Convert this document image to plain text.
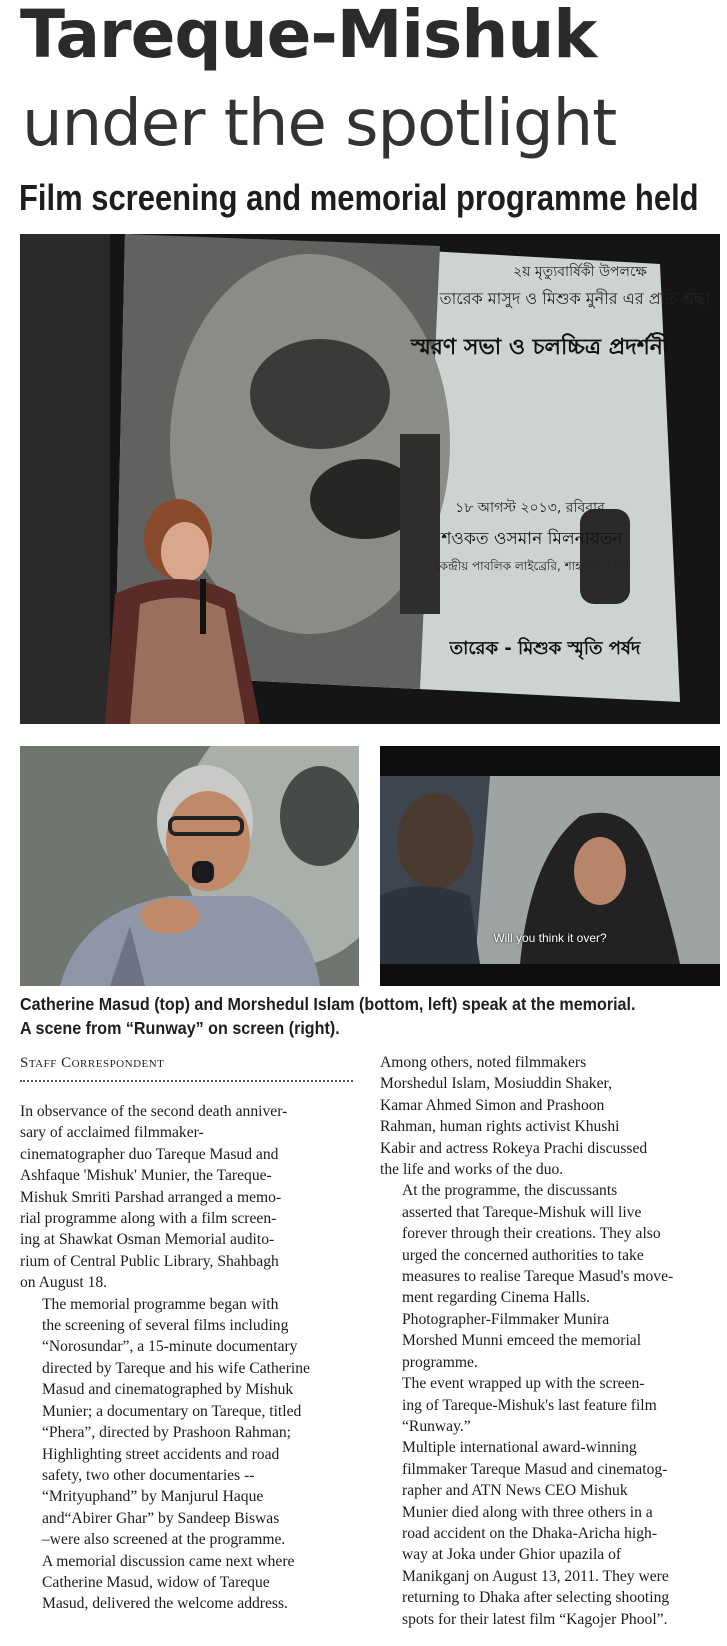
Tareque-Mishuk
under the spotlight
Film screening and memorial programme held
২য় মৃত্যুবার্ষিকী উপলক্ষে
তারেক মাসুদ ও মিশুক মুনীর এর প্রতি শ্রদ্ধা
স্মরণ সভা ও চলচ্চিত্র প্রদর্শনী
১৮ আগস্ট ২০১৩, রবিবার
শওকত ওসমান মিলনায়তন
কেন্দ্রীয় পাবলিক লাইব্রেরি, শাহবাগ, ঢাকা
তারেক - মিশুক স্মৃতি পর্ষদ
Will you think it over?
Catherine Masud (top) and Morshedul Islam (bottom, left) speak at the memorial.
A scene from “Runway” on screen (right).
Staff Correspondent

In observance of the second death anniver-
sary of acclaimed filmmaker-
cinematographer duo Tareque Masud and
Ashfaque 'Mishuk' Munier, the Tareque-
Mishuk Smriti Parshad arranged a memo-
rial programme along with a film screen-
ing at Shawkat Osman Memorial audito-
rium of Central Public Library, Shahbagh
on August 18.

The memorial programme began with
the screening of several films including
“Norosundar”, a 15-minute documentary
directed by Tareque and his wife Catherine
Masud and cinematographed by Mishuk
Munier; a documentary on Tareque, titled
“Phera”, directed by Prashoon Rahman;

Highlighting street accidents and road
safety, two other documentaries --
“Mrityuphand” by Manjurul Haque
and“Abirer Ghar” by Sandeep Biswas
–were also screened at the programme.

A memorial discussion came next where
Catherine Masud, widow of Tareque
Masud, delivered the welcome address.

Among others, noted filmmakers
Morshedul Islam, Mosiuddin Shaker,
Kamar Ahmed Simon and Prashoon
Rahman, human rights activist Khushi
Kabir and actress Rokeya Prachi discussed
the life and works of the duo.

At the programme, the discussants
asserted that Tareque-Mishuk will live
forever through their creations. They also
urged the concerned authorities to take
measures to realise Tareque Masud's move-
ment regarding Cinema Halls.

Photographer-Filmmaker Munira
Morshed Munni emceed the memorial
programme.

The event wrapped up with the screen-
ing of Tareque-Mishuk's last feature film
“Runway.”

Multiple international award-winning
filmmaker Tareque Masud and cinematog-
rapher and ATN News CEO Mishuk
Munier died along with three others in a
road accident on the Dhaka-Aricha high-
way at Joka under Ghior upazila of
Manikganj on August 13, 2011. They were
returning to Dhaka after selecting shooting
spots for their latest film “Kagojer Phool”.
